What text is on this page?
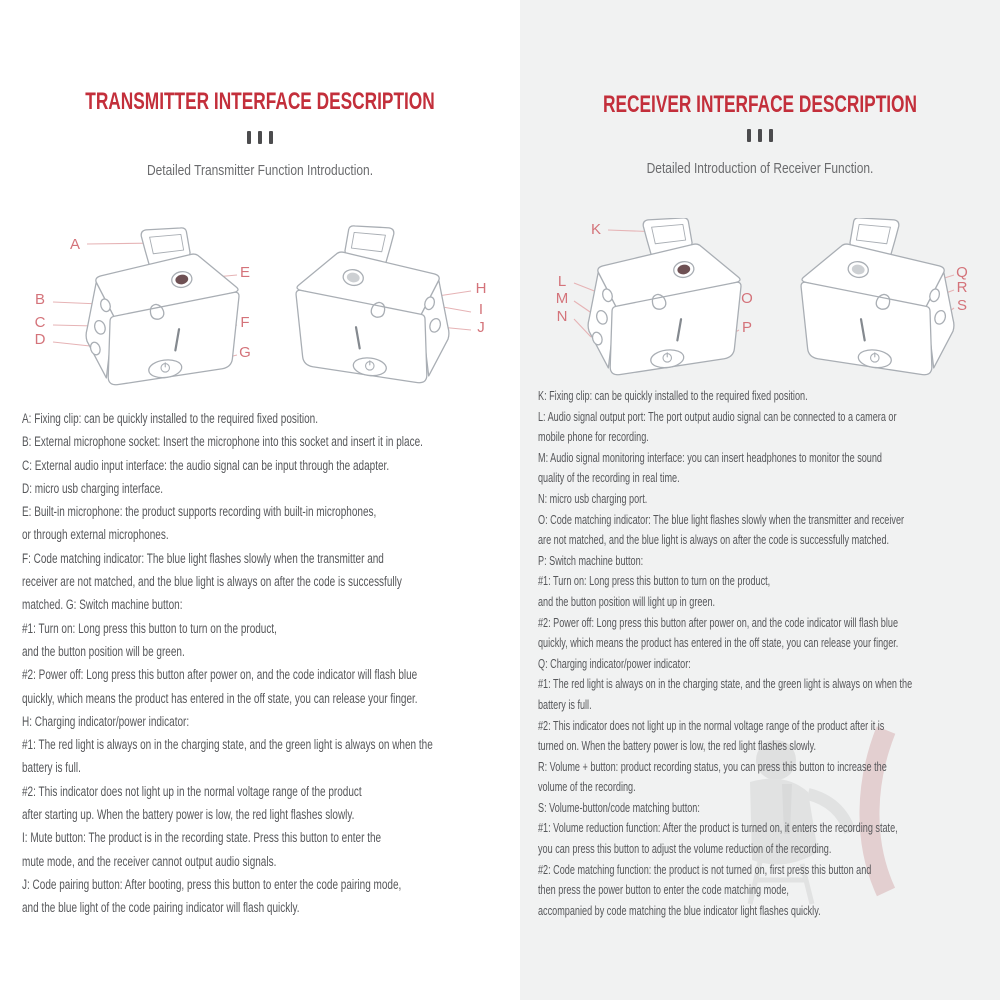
TRANSMITTER INTERFACE DESCRIPTION
Detailed Transmitter Function Introduction.
A
B
C
D
E
F
G
H
I
J
A: Fixing clip: can be quickly installed to the required fixed position.
B: External microphone socket: Insert the microphone into this socket and insert it in place.
C: External audio input interface: the audio signal can be input through the adapter.
D: micro usb charging interface.
E: Built-in microphone: the product supports recording with built-in microphones,
or through external microphones.
F: Code matching indicator: The blue light flashes slowly when the transmitter and
receiver are not matched, and the blue light is always on after the code is successfully
matched. G: Switch machine button:
#1: Turn on: Long press this button to turn on the product,
and the button position will be green.
#2: Power off: Long press this button after power on, and the code indicator will flash blue
quickly, which means the product has entered in the off state, you can release your finger.
H: Charging indicator/power indicator:
#1: The red light is always on in the charging state, and the green light is always on when the
battery is full.
#2: This indicator does not light up in the normal voltage range of the product
after starting up. When the battery power is low, the red light flashes slowly.
I: Mute button: The product is in the recording state. Press this button to enter the
mute mode, and the receiver cannot output audio signals.
J: Code pairing button: After booting, press this button to enter the code pairing mode,
and the blue light of the code pairing indicator will flash quickly.
RECEIVER INTERFACE DESCRIPTION
Detailed Introduction of Receiver Function.
K
L
M
N
O
P
Q
R
S
K: Fixing clip: can be quickly installed to the required fixed position.
L: Audio signal output port: The port output audio signal can be connected to a camera or
mobile phone for recording.
M: Audio signal monitoring interface: you can insert headphones to monitor the sound
quality of the recording in real time.
N: micro usb charging port.
O: Code matching indicator: The blue light flashes slowly when the transmitter and receiver
are not matched, and the blue light is always on after the code is successfully matched.
P: Switch machine button:
#1: Turn on: Long press this button to turn on the product,
and the button position will light up in green.
#2: Power off: Long press this button after power on, and the code indicator will flash blue
quickly, which means the product has entered in the off state, you can release your finger.
Q: Charging indicator/power indicator:
#1: The red light is always on in the charging state, and the green light is always on when the
battery is full.
#2: This indicator does not light up in the normal voltage range of the product after it is
turned on. When the battery power is low, the red light flashes slowly.
R: Volume + button: product recording status, you can press this button to increase the
volume of the recording.
S: Volume-button/code matching button:
#1: Volume reduction function: After the product is turned on, it enters the recording state,
you can press this button to adjust the volume reduction of the recording.
#2: Code matching function: the product is not turned on, first press this button and
then press the power button to enter the code matching mode,
accompanied by code matching the blue indicator light flashes quickly.
